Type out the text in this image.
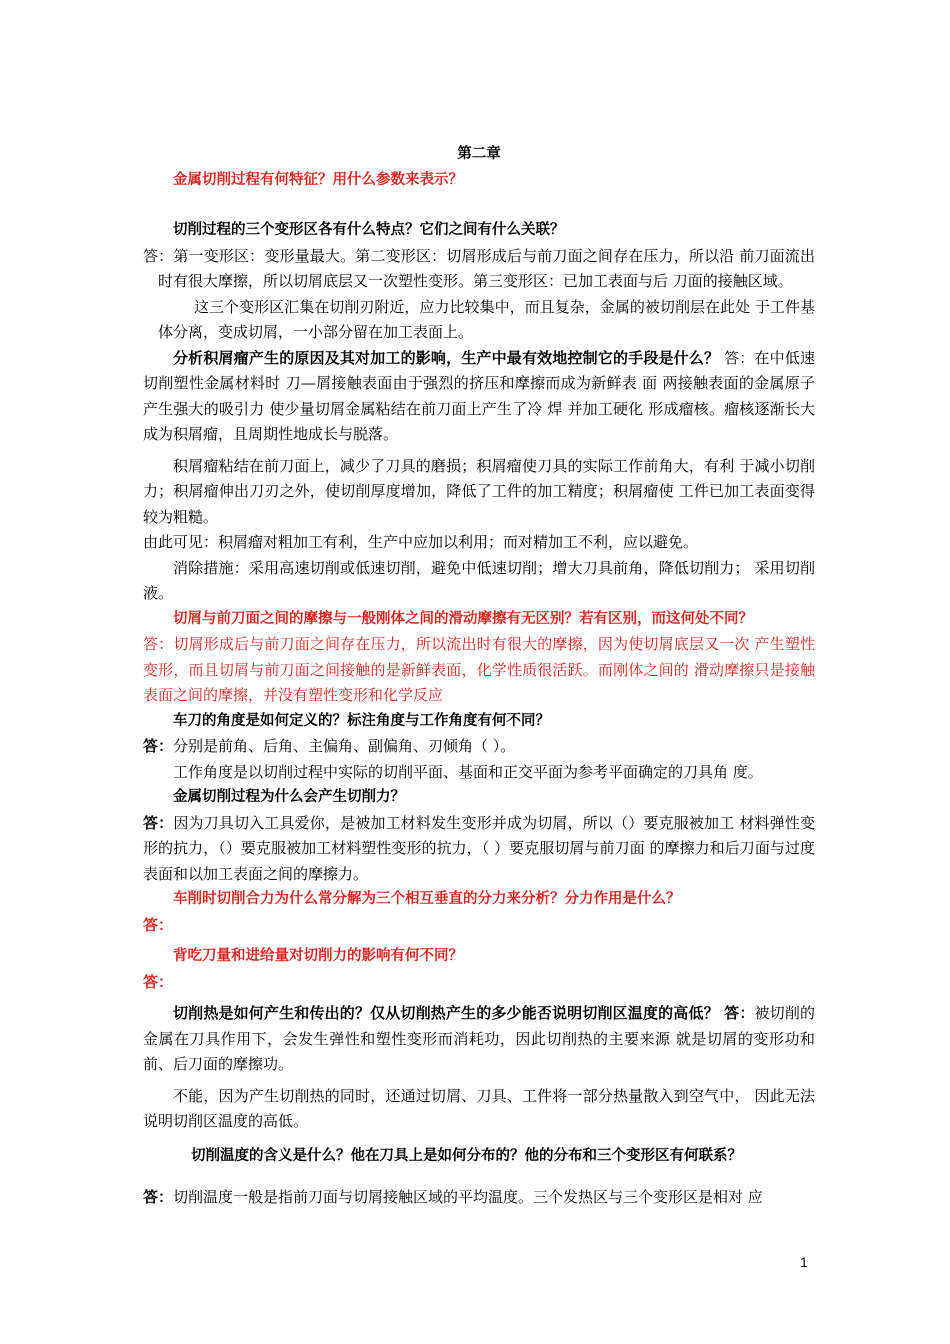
第二章

金属切削过程有何特征？用什么参数来表示？

切削过程的三个变形区各有什么特点？它们之间有什么关联？

答：第一变形区：变形量最大。第二变形区：切屑形成后与前刀面之间存在压力，所以沿 前刀面流出时有很大摩擦，所以切屑底层又一次塑性变形。第三变形区：已加工表面与后 刀面的接触区域。

这三个变形区汇集在切削刃附近，应力比较集中，而且复杂，金属的被切削层在此处 于工件基体分离，变成切屑，一小部分留在加工表面上。

分析积屑瘤产生的原因及其对加工的影响，生产中最有效地控制它的手段是什么？ 答：在中低速切削塑性金属材料时 刀—屑接触表面由于强烈的挤压和摩擦而成为新鲜表 面 两接触表面的金属原子产生强大的吸引力 使少量切屑金属粘结在前刀面上产生了冷 焊 并加工硬化 形成瘤核。瘤核逐渐长大成为积屑瘤，且周期性地成长与脱落。

积屑瘤粘结在前刀面上，减少了刀具的磨损；积屑瘤使刀具的实际工作前角大，有利 于减小切削力；积屑瘤伸出刀刃之外，使切削厚度增加，降低了工件的加工精度；积屑瘤使 工件已加工表面变得较为粗糙。

由此可见：积屑瘤对粗加工有利，生产中应加以利用；而对精加工不利，应以避免。

消除措施：采用高速切削或低速切削，避免中低速切削；增大刀具前角，降低切削力； 采用切削液。

切屑与前刀面之间的摩擦与一般刚体之间的滑动摩擦有无区别？若有区别，而这何处不同？

答：切屑形成后与前刀面之间存在压力，所以流出时有很大的摩擦，因为使切屑底层又一次 产生塑性变形，而且切屑与前刀面之间接触的是新鲜表面，化学性质很活跃。而刚体之间的 滑动摩擦只是接触表面之间的摩擦，并没有塑性变形和化学反应

车刀的角度是如何定义的？标注角度与工作角度有何不同？

答：分别是前角、后角、主偏角、副偏角、刃倾角（ ）。

工作角度是以切削过程中实际的切削平面、基面和正交平面为参考平面确定的刀具角 度。

金属切削过程为什么会产生切削力？

答：因为刀具切入工具爱你，是被加工材料发生变形并成为切屑，所以（）要克服被加工 材料弹性变形的抗力，（）要克服被加工材料塑性变形的抗力，（ ）要克服切屑与前刀面 的摩擦力和后刀面与过度表面和以加工表面之间的摩擦力。

车削时切削合力为什么常分解为三个相互垂直的分力来分析？分力作用是什么？

答：

背吃刀量和进给量对切削力的影响有何不同？

答：

切削热是如何产生和传出的？仅从切削热产生的多少能否说明切削区温度的高低？ 答：被切削的金属在刀具作用下，会发生弹性和塑性变形而消耗功，因此切削热的主要来源 就是切屑的变形功和前、后刀面的摩擦功。

不能，因为产生切削热的同时，还通过切屑、刀具、工件将一部分热量散入到空气中， 因此无法说明切削区温度的高低。

切削温度的含义是什么？他在刀具上是如何分布的？他的分布和三个变形区有何联系？

答：切削温度一般是指前刀面与切屑接触区域的平均温度。三个发热区与三个变形区是相对 应

1
